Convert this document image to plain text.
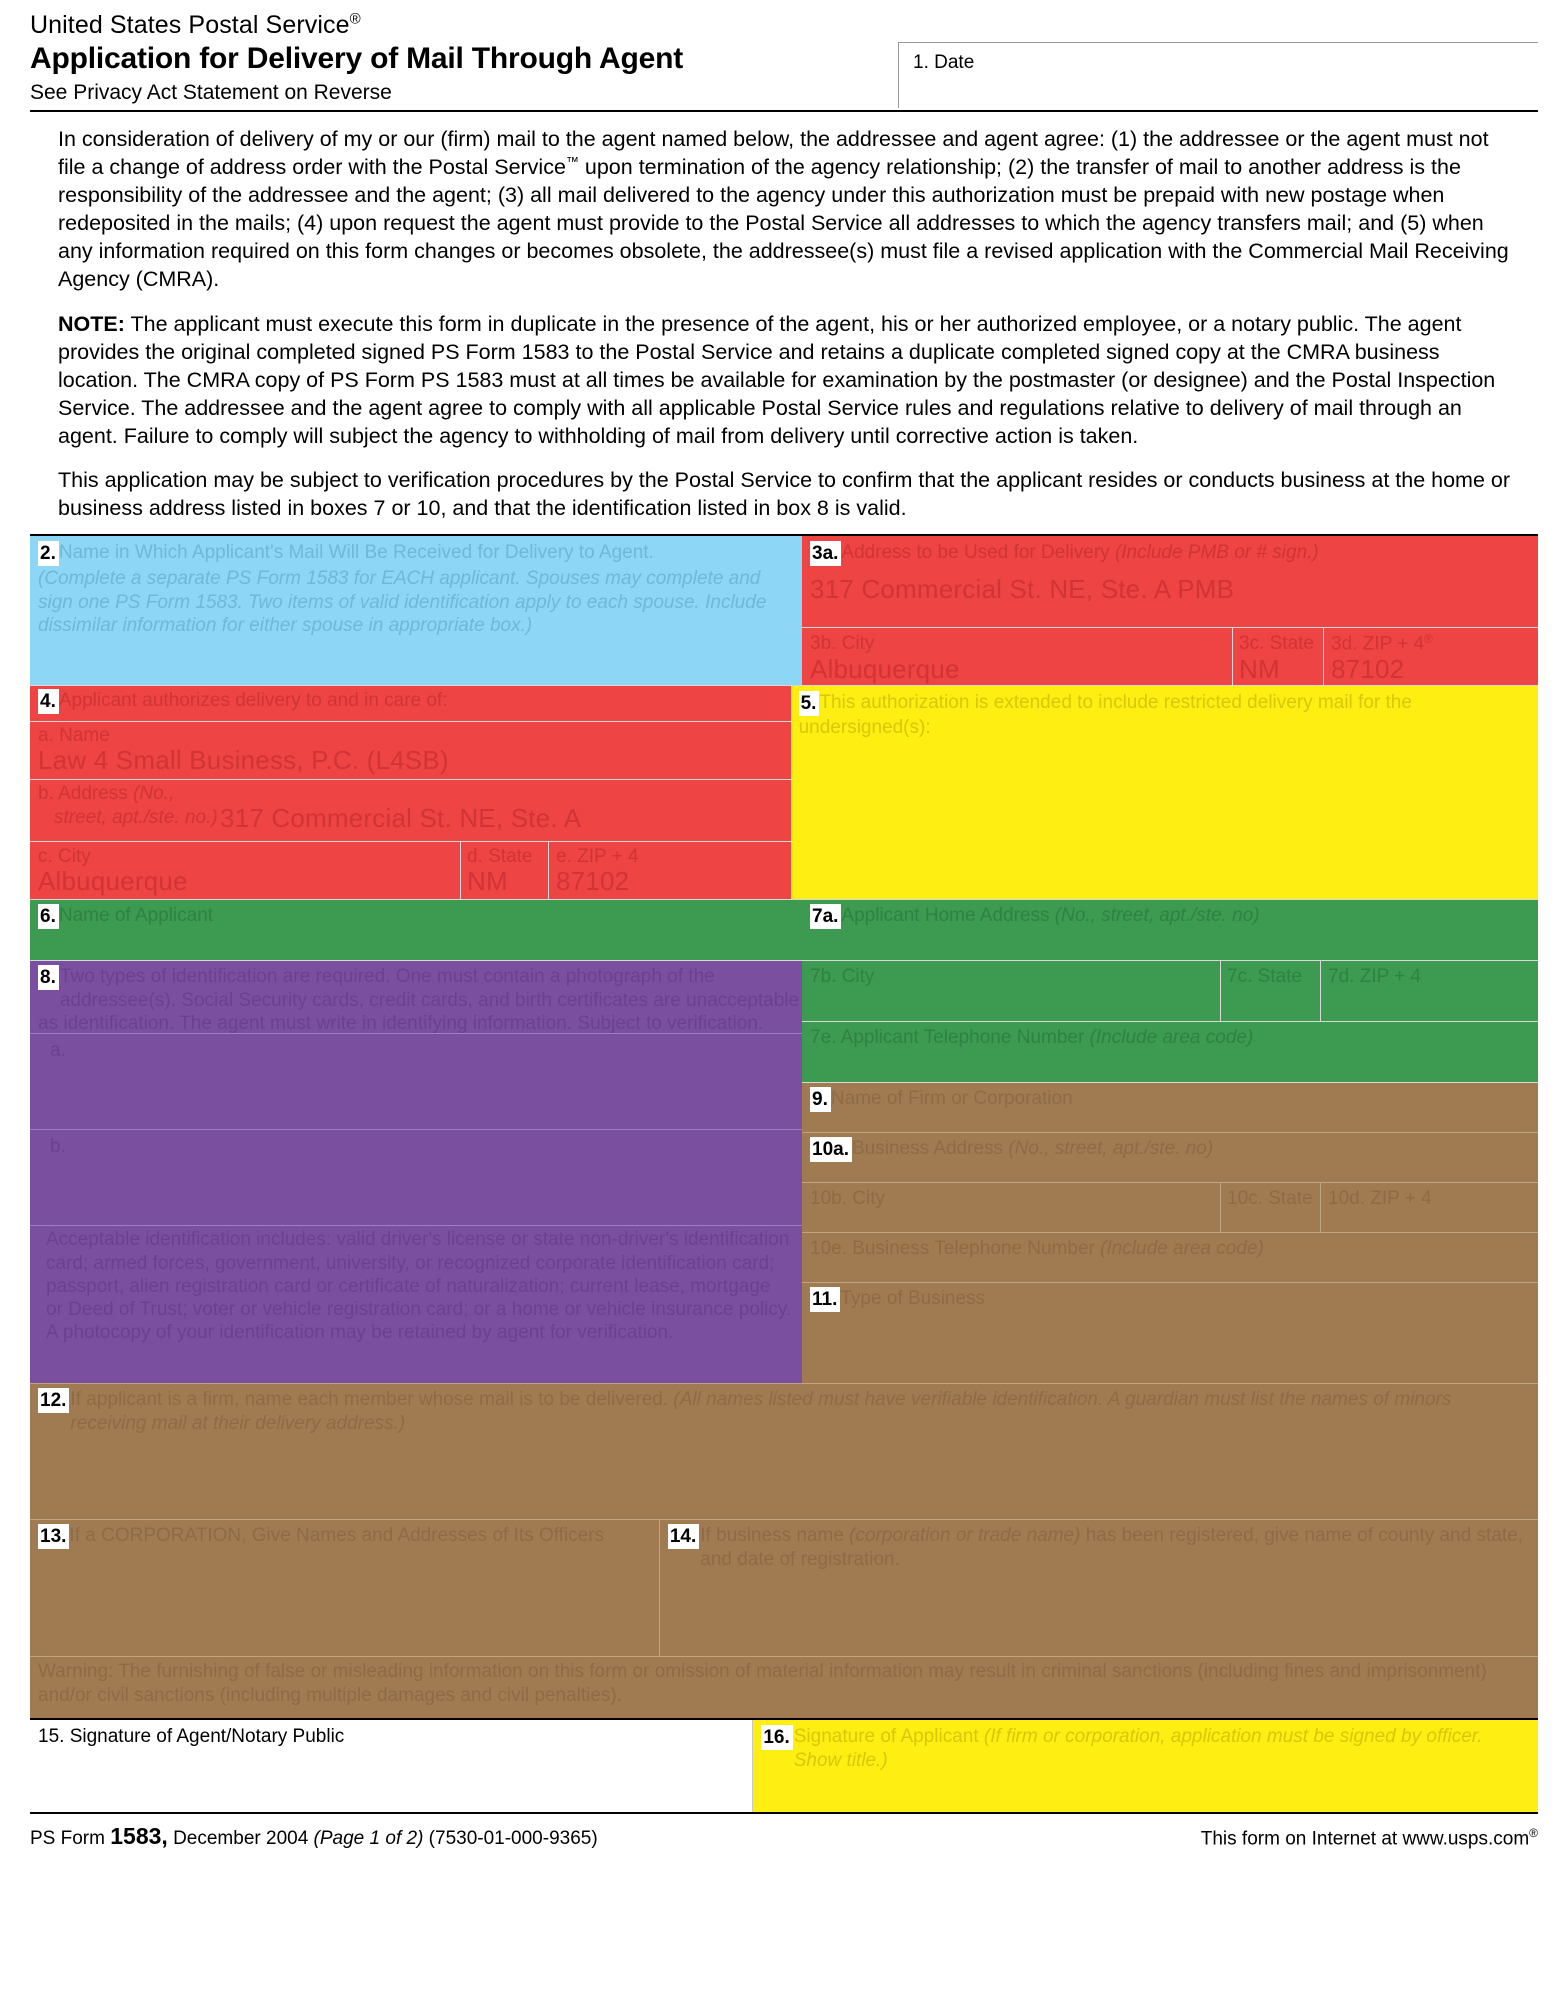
United States Postal Service®
Application for Delivery of Mail Through Agent
See Privacy Act Statement on Reverse
1. Date

In consideration of delivery of my or our (firm) mail to the agent named below, the addressee and agent agree: (1) the addressee or the agent must not file a change of address order with the Postal Service™ upon termination of the agency relationship; (2) the transfer of mail to another address is the responsibility of the addressee and the agent; (3) all mail delivered to the agency under this authorization must be prepaid with new postage when redeposited in the mails; (4) upon request the agent must provide to the Postal Service all addresses to which the agency transfers mail; and (5) when any information required on this form changes or becomes obsolete, the addressee(s) must file a revised application with the Commercial Mail Receiving Agency (CMRA).

NOTE: The applicant must execute this form in duplicate in the presence of the agent, his or her authorized employee, or a notary public. The agent provides the original completed signed PS Form 1583 to the Postal Service and retains a duplicate completed signed copy at the CMRA business location. The CMRA copy of PS Form PS 1583 must at all times be available for examination by the postmaster (or designee) and the Postal Inspection Service. The addressee and the agent agree to comply with all applicable Postal Service rules and regulations relative to delivery of mail through an agent. Failure to comply will subject the agency to withholding of mail from delivery until corrective action is taken.

This application may be subject to verification procedures by the Postal Service to confirm that the applicant resides or conducts business at the home or business address listed in boxes 7 or 10, and that the identification listed in box 8 is valid.

2. Name in Which Applicant's Mail Will Be Received for Delivery to Agent.
(Complete a separate PS Form 1583 for EACH applicant. Spouses may complete and sign one PS Form 1583. Two items of valid identification apply to each spouse. Include dissimilar information for either spouse in appropriate box.)
3a. Address to be Used for Delivery (Include PMB or # sign.)
317 Commercial St. NE, Ste. A PMB
3b. City
Albuquerque
3c. State
NM
3d. ZIP + 4®
87102
4. Applicant authorizes delivery to and in care of:
a. Name
Law 4 Small Business, P.C. (L4SB)
b. Address (No.,
street, apt./ste. no.) 317 Commercial St. NE, Ste. A
c. City
Albuquerque
d. State
NM
e. ZIP + 4
87102
5. This authorization is extended to include restricted delivery mail for the undersigned(s):
6. Name of Applicant	7a. Applicant Home Address (No., street, apt./ste. no)
8. Two types of identification are required. One must contain a photograph of the addressee(s). Social Security cards, credit cards, and birth certificates are unacceptable as identification. The agent must write in identifying information. Subject to verification.
a.
b.
Acceptable identification includes: valid driver's license or state non-driver's identification card; armed forces, government, university, or recognized corporate identification card; passport, alien registration card or certificate of naturalization; current lease, mortgage or Deed of Trust; voter or vehicle registration card; or a home or vehicle insurance policy. A photocopy of your identification may be retained by agent for verification.
7b. City	7c. State	7d. ZIP + 4
7e. Applicant Telephone Number (Include area code)
9. Name of Firm or Corporation
10a. Business Address (No., street, apt./ste. no)
10b. City	10c. State 10d. ZIP + 4
10e. Business Telephone Number (Include area code)
11. Type of Business
12. If applicant is a firm, name each member whose mail is to be delivered. (All names listed must have verifiable identification. A guardian must list the names of minors receiving mail at their delivery address.)
13. If a CORPORATION, Give Names and Addresses of Its Officers	14. If business name (corporation or trade name) has been registered, give name of county and state, and date of registration.
Warning: The furnishing of false or misleading information on this form or omission of material information may result in criminal sanctions (including fines and imprisonment) and/or civil sanctions (including multiple damages and civil penalties).
15. Signature of Agent/Notary Public	16. Signature of Applicant (If firm or corporation, application must be signed by officer. Show title.)
PS Form 1583, December 2004 (Page 1 of 2) (7530-01-000-9365)	This form on Internet at www.usps.com®
